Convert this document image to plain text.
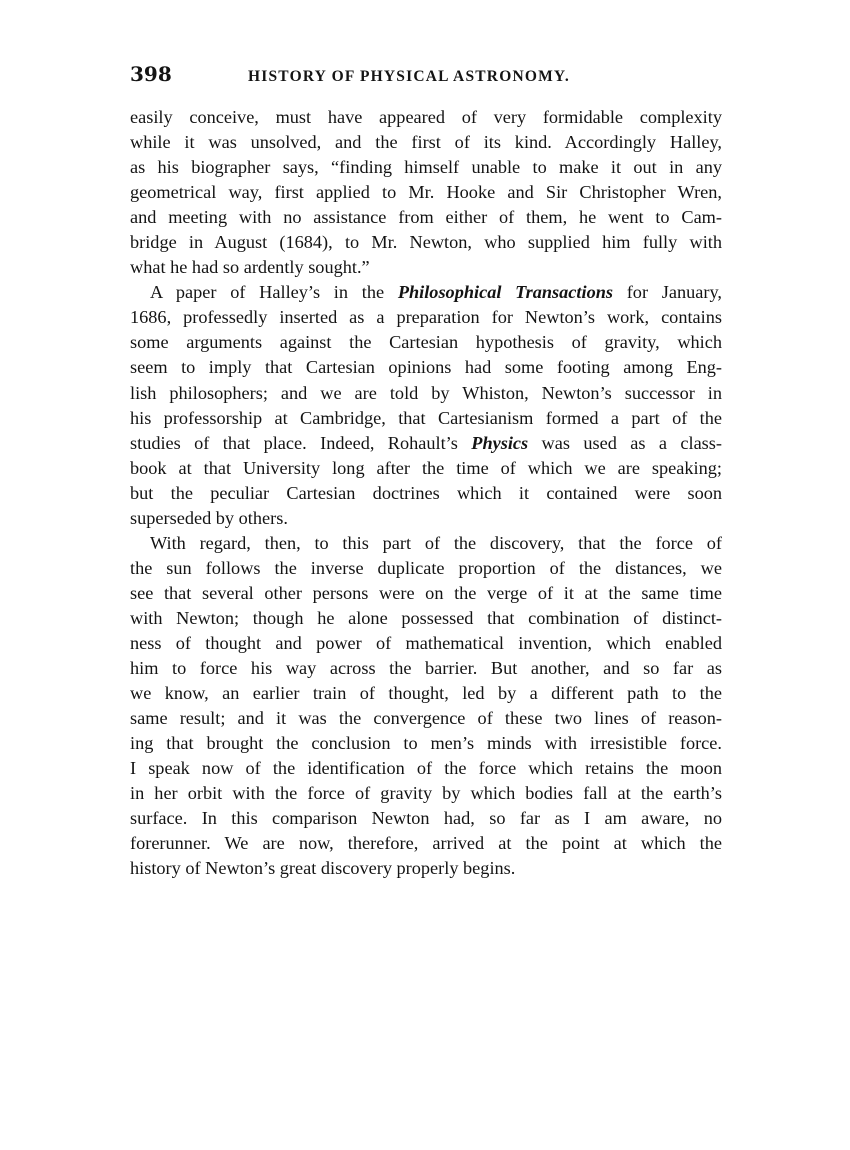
398	HISTORY OF PHYSICAL ASTRONOMY.
easily conceive, must have appeared of very formidable complexity
while it was unsolved, and the first of its kind. Accordingly Halley,
as his biographer says, “finding himself unable to make it out in any
geometrical way, first applied to Mr. Hooke and Sir Christopher Wren,
and meeting with no assistance from either of them, he went to Cam-
bridge in August (1684), to Mr. Newton, who supplied him fully with
what he had so ardently sought.”
A paper of Halley’s in the Philosophical Transactions for January,
1686, professedly inserted as a preparation for Newton’s work, contains
some arguments against the Cartesian hypothesis of gravity, which
seem to imply that Cartesian opinions had some footing among Eng-
lish philosophers; and we are told by Whiston, Newton’s successor in
his professorship at Cambridge, that Cartesianism formed a part of the
studies of that place. Indeed, Rohault’s Physics was used as a class-
book at that University long after the time of which we are speaking;
but the peculiar Cartesian doctrines which it contained were soon
superseded by others.
With regard, then, to this part of the discovery, that the force of
the sun follows the inverse duplicate proportion of the distances, we
see that several other persons were on the verge of it at the same time
with Newton; though he alone possessed that combination of distinct-
ness of thought and power of mathematical invention, which enabled
him to force his way across the barrier. But another, and so far as
we know, an earlier train of thought, led by a different path to the
same result; and it was the convergence of these two lines of reason-
ing that brought the conclusion to men’s minds with irresistible force.
I speak now of the identification of the force which retains the moon
in her orbit with the force of gravity by which bodies fall at the earth’s
surface. In this comparison Newton had, so far as I am aware, no
forerunner. We are now, therefore, arrived at the point at which the
history of Newton’s great discovery properly begins.
